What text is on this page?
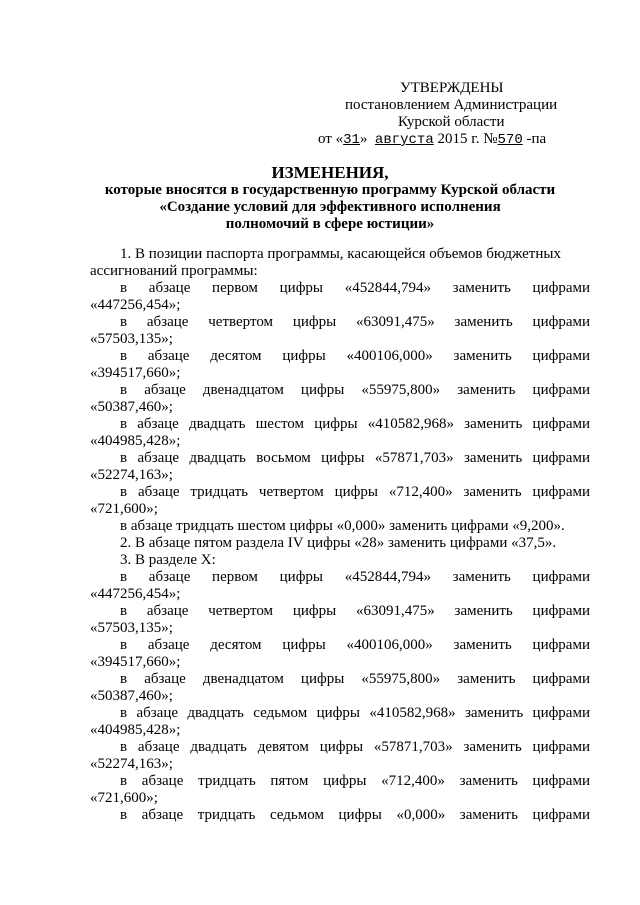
УТВЕРЖДЕНЫ
постановлением Администрации
Курской области
от «31» августа 2015 г. №570 -па
ИЗМЕНЕНИЯ,
которые вносятся в государственную программу Курской области
«Создание условий для эффективного исполнения
полномочий в сфере юстиции»
1. В позиции паспорта программы, касающейся объемов бюджетных
ассигнований программы:
в абзаце первом цифры «452844,794» заменить цифрами
«447256,454»;
в абзаце четвертом цифры «63091,475» заменить цифрами
«57503,135»;
в абзаце десятом цифры «400106,000» заменить цифрами
«394517,660»;
в абзаце двенадцатом цифры «55975,800» заменить цифрами
«50387,460»;
в абзаце двадцать шестом цифры «410582,968» заменить цифрами
«404985,428»;
в абзаце двадцать восьмом цифры «57871,703» заменить цифрами
«52274,163»;
в абзаце тридцать четвертом цифры «712,400» заменить цифрами
«721,600»;
в абзаце тридцать шестом цифры «0,000» заменить цифрами «9,200».
2. В абзаце пятом раздела IV цифры «28» заменить цифрами «37,5».
3. В разделе X:
в абзаце первом цифры «452844,794» заменить цифрами
«447256,454»;
в абзаце четвертом цифры «63091,475» заменить цифрами
«57503,135»;
в абзаце десятом цифры «400106,000» заменить цифрами
«394517,660»;
в абзаце двенадцатом цифры «55975,800» заменить цифрами
«50387,460»;
в абзаце двадцать седьмом цифры «410582,968» заменить цифрами
«404985,428»;
в абзаце двадцать девятом цифры «57871,703» заменить цифрами
«52274,163»;
в абзаце тридцать пятом цифры «712,400» заменить цифрами
«721,600»;
в абзаце тридцать седьмом цифры «0,000» заменить цифрами
